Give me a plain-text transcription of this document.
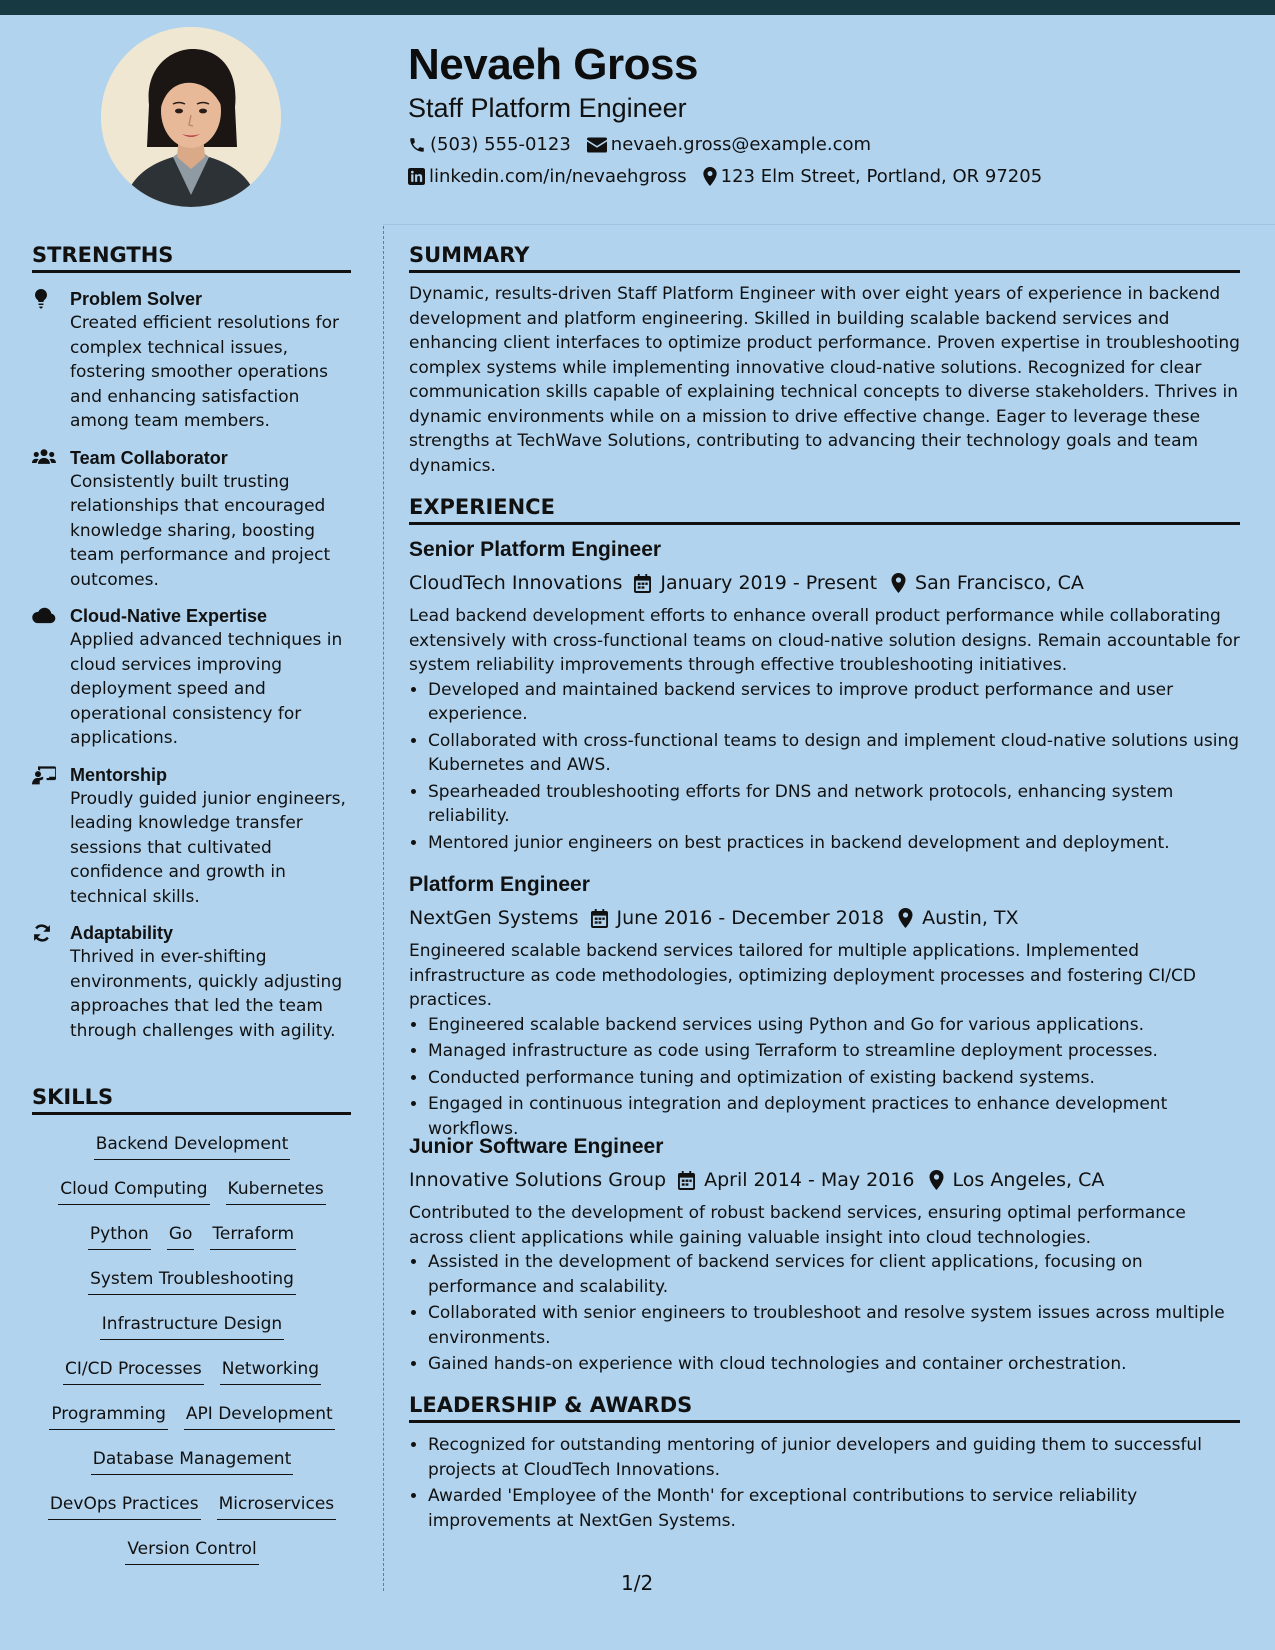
Nevaeh Gross
Staff Platform Engineer
(503) 555-0123 nevaeh.gross@example.com
linkedin.com/in/nevaehgross 123 Elm Street, Portland, OR 97205
STRENGTHS
Problem Solver
Created efficient resolutions for complex technical issues, fostering smoother operations and enhancing satisfaction among team members.
Team Collaborator
Consistently built trusting relationships that encouraged knowledge sharing, boosting team performance and project outcomes.
Cloud-Native Expertise
Applied advanced techniques in cloud services improving deployment speed and operational consistency for applications.
Mentorship
Proudly guided junior engineers, leading knowledge transfer sessions that cultivated confidence and growth in technical skills.
Adaptability
Thrived in ever-shifting environments, quickly adjusting approaches that led the team through challenges with agility.
SKILLS
Backend Development
Cloud Computing Kubernetes
Python Go Terraform
System Troubleshooting
Infrastructure Design
CI/CD Processes Networking
Programming API Development
Database Management
DevOps Practices Microservices
Version Control
SUMMARY

Dynamic, results-driven Staff Platform Engineer with over eight years of experience in backend development and platform engineering. Skilled in building scalable backend services and enhancing client interfaces to optimize product performance. Proven expertise in troubleshooting complex systems while implementing innovative cloud-native solutions. Recognized for clear communication skills capable of explaining technical concepts to diverse stakeholders. Thrives in dynamic environments while on a mission to drive effective change. Eager to leverage these strengths at TechWave Solutions, contributing to advancing their technology goals and team dynamics.

EXPERIENCE
Senior Platform Engineer
CloudTech Innovations January 2019 - Present San Francisco, CA

Lead backend development efforts to enhance overall product performance while collaborating extensively with cross-functional teams on cloud-native solution designs. Remain accountable for system reliability improvements through effective troubleshooting initiatives.

• Developed and maintained backend services to improve product performance and user experience.
• Collaborated with cross-functional teams to design and implement cloud-native solutions using Kubernetes and AWS.
• Spearheaded troubleshooting efforts for DNS and network protocols, enhancing system reliability.
• Mentored junior engineers on best practices in backend development and deployment.
Platform Engineer
NextGen Systems June 2016 - December 2018 Austin, TX

Engineered scalable backend services tailored for multiple applications. Implemented infrastructure as code methodologies, optimizing deployment processes and fostering CI/CD practices.

• Engineered scalable backend services using Python and Go for various applications.
• Managed infrastructure as code using Terraform to streamline deployment processes.
• Conducted performance tuning and optimization of existing backend systems.
• Engaged in continuous integration and deployment practices to enhance development workflows.
Junior Software Engineer
Innovative Solutions Group April 2014 - May 2016 Los Angeles, CA

Contributed to the development of robust backend services, ensuring optimal performance across client applications while gaining valuable insight into cloud technologies.

• Assisted in the development of backend services for client applications, focusing on performance and scalability.
• Collaborated with senior engineers to troubleshoot and resolve system issues across multiple environments.
• Gained hands-on experience with cloud technologies and container orchestration.
LEADERSHIP & AWARDS
• Recognized for outstanding mentoring of junior developers and guiding them to successful projects at CloudTech Innovations.
• Awarded 'Employee of the Month' for exceptional contributions to service reliability improvements at NextGen Systems.
1/2
